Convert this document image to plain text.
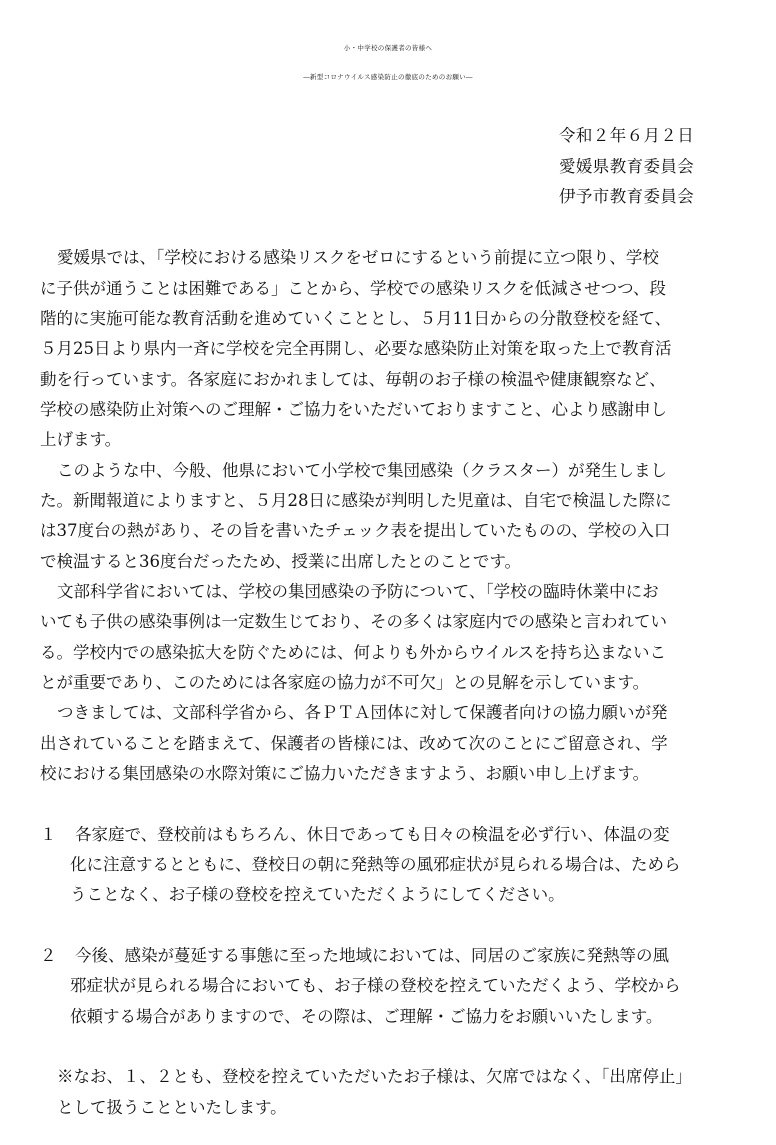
小・中学校の保護者の皆様へ
―新型コロナウイルス感染防止の徹底のためのお願い―
令和２年６月２日
愛媛県教育委員会
伊予市教育委員会
愛媛県では、「学校における感染リスクをゼロにするという前提に立つ限り、学校
に子供が通うことは困難である」ことから、学校での感染リスクを低減させつつ、段
階的に実施可能な教育活動を進めていくこととし、５月11日からの分散登校を経て、
５月25日より県内一斉に学校を完全再開し、必要な感染防止対策を取った上で教育活
動を行っています。各家庭におかれましては、毎朝のお子様の検温や健康観察など、
学校の感染防止対策へのご理解・ご協力をいただいておりますこと、心より感謝申し
上げます。
このような中、今般、他県において小学校で集団感染（クラスター）が発生しまし
た。新聞報道によりますと、５月28日に感染が判明した児童は、自宅で検温した際に
は37度台の熱があり、その旨を書いたチェック表を提出していたものの、学校の入口
で検温すると36度台だったため、授業に出席したとのことです。
文部科学省においては、学校の集団感染の予防について、「学校の臨時休業中にお
いても子供の感染事例は一定数生じており、その多くは家庭内での感染と言われてい
る。学校内での感染拡大を防ぐためには、何よりも外からウイルスを持ち込まないこ
とが重要であり、このためには各家庭の協力が不可欠」との見解を示しています。
つきましては、文部科学省から、各ＰＴＡ団体に対して保護者向けの協力願いが発
出されていることを踏まえて、保護者の皆様には、改めて次のことにご留意され、学
校における集団感染の水際対策にご協力いただきますよう、お願い申し上げます。
１ 各家庭で、登校前はもちろん、休日であっても日々の検温を必ず行い、体温の変
化に注意するとともに、登校日の朝に発熱等の風邪症状が見られる場合は、ためら
うことなく、お子様の登校を控えていただくようにしてください。
２ 今後、感染が蔓延する事態に至った地域においては、同居のご家族に発熱等の風
邪症状が見られる場合においても、お子様の登校を控えていただくよう、学校から
依頼する場合がありますので、その際は、ご理解・ご協力をお願いいたします。
※なお、１、２とも、登校を控えていただいたお子様は、欠席ではなく、「出席停止」
として扱うことといたします。
